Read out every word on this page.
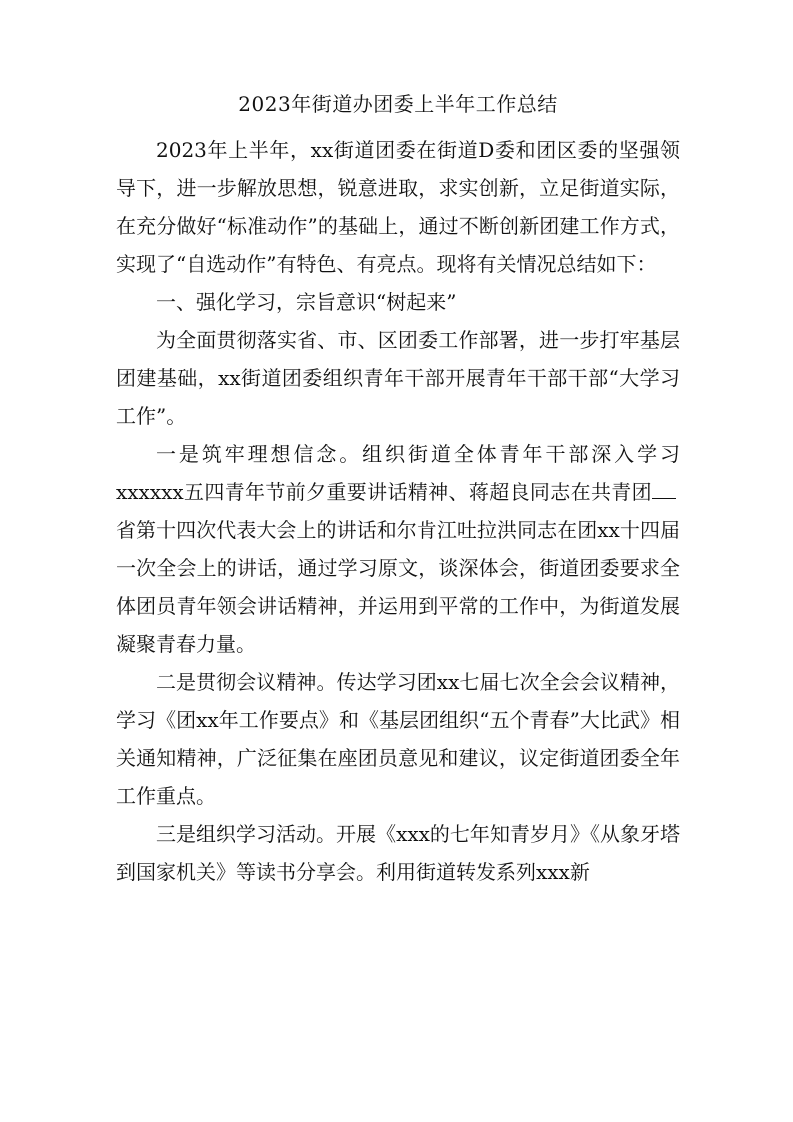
2023年街道办团委上半年工作总结

2023年上半年，xx街道团委在街道D委和团区委的坚强领导下，进一步解放思想，锐意进取，求实创新，立足街道实际，在充分做好“标准动作”的基础上，通过不断创新团建工作方式，实现了“自选动作”有特色、有亮点。现将有关情况总结如下：

一、强化学习，宗旨意识“树起来”

为全面贯彻落实省、市、区团委工作部署，进一步打牢基层团建基础，xx街道团委组织青年干部开展青年干部干部“大学习工作”。

一是筑牢理想信念。组织街道全体青年干部深入学习xxxxxx五四青年节前夕重要讲话精神、蒋超良同志在共青团省第十四次代表大会上的讲话和尔肯江吐拉洪同志在团xx十四届一次全会上的讲话，通过学习原文，谈深体会，街道团委要求全体团员青年领会讲话精神，并运用到平常的工作中，为街道发展凝聚青春力量。

二是贯彻会议精神。传达学习团xx七届七次全会会议精神，学习《团xx年工作要点》和《基层团组织“五个青春”大比武》相关通知精神，广泛征集在座团员意见和建议，议定街道团委全年工作重点。

三是组织学习活动。开展《xxx的七年知青岁月》《从象牙塔到国家机关》等读书分享会。利用街道转发系列xxx新
